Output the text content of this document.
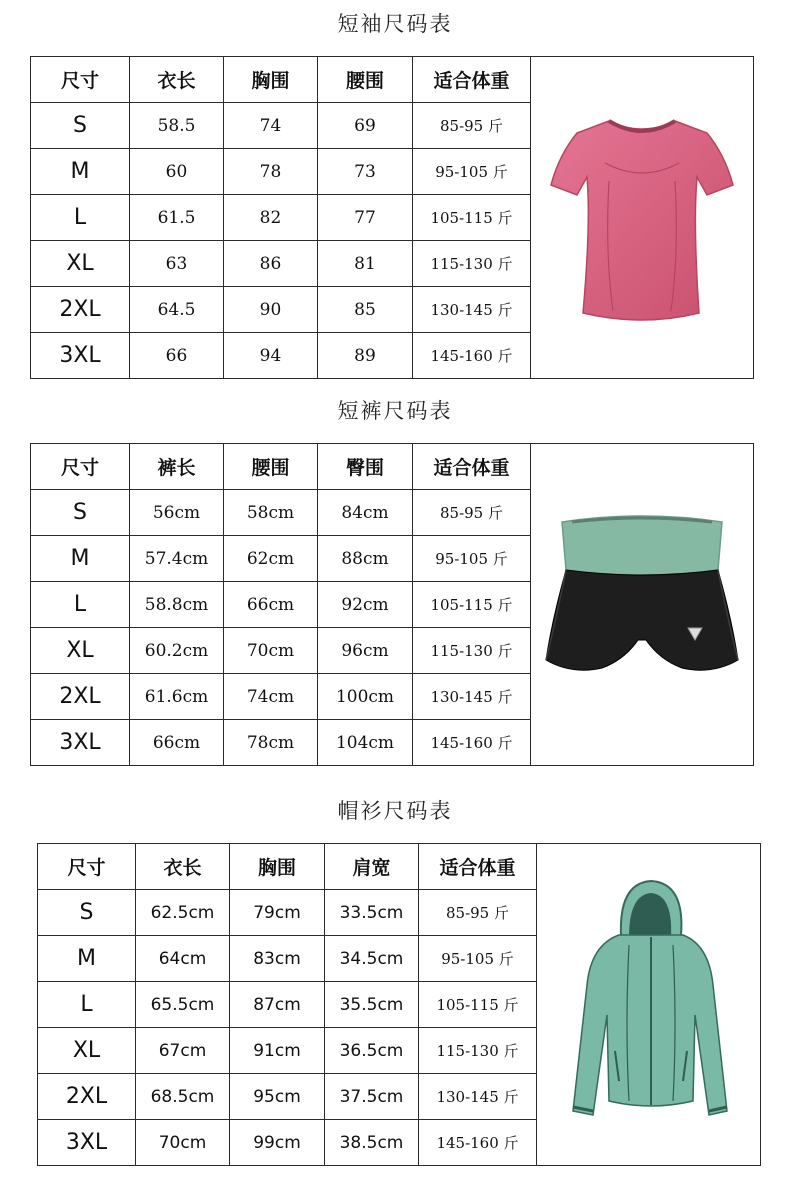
短袖尺码表
尺寸	衣长	胸围	腰围	适合体重	

S	58.5	74	69	85-95 斤	
M	60	78	73	95-105 斤	
L	61.5	82	77	105-115 斤	
XL	63	86	81	115-130 斤	
2XL	64.5	90	85	130-145 斤	
3XL	66	94	89	145-160 斤	
短裤尺码表
尺寸	裤长	腰围	臀围	适合体重	

S	56cm	58cm	84cm	85-95 斤	
M	57.4cm	62cm	88cm	95-105 斤	
L	58.8cm	66cm	92cm	105-115 斤	
XL	60.2cm	70cm	96cm	115-130 斤	
2XL	61.6cm	74cm	100cm	130-145 斤	
3XL	66cm	78cm	104cm	145-160 斤	
帽衫尺码表
尺寸	衣长	胸围	肩宽	适合体重	

S	62.5cm	79cm	33.5cm	85-95 斤	
M	64cm	83cm	34.5cm	95-105 斤	
L	65.5cm	87cm	35.5cm	105-115 斤	
XL	67cm	91cm	36.5cm	115-130 斤	
2XL	68.5cm	95cm	37.5cm	130-145 斤	
3XL	70cm	99cm	38.5cm	145-160 斤	
